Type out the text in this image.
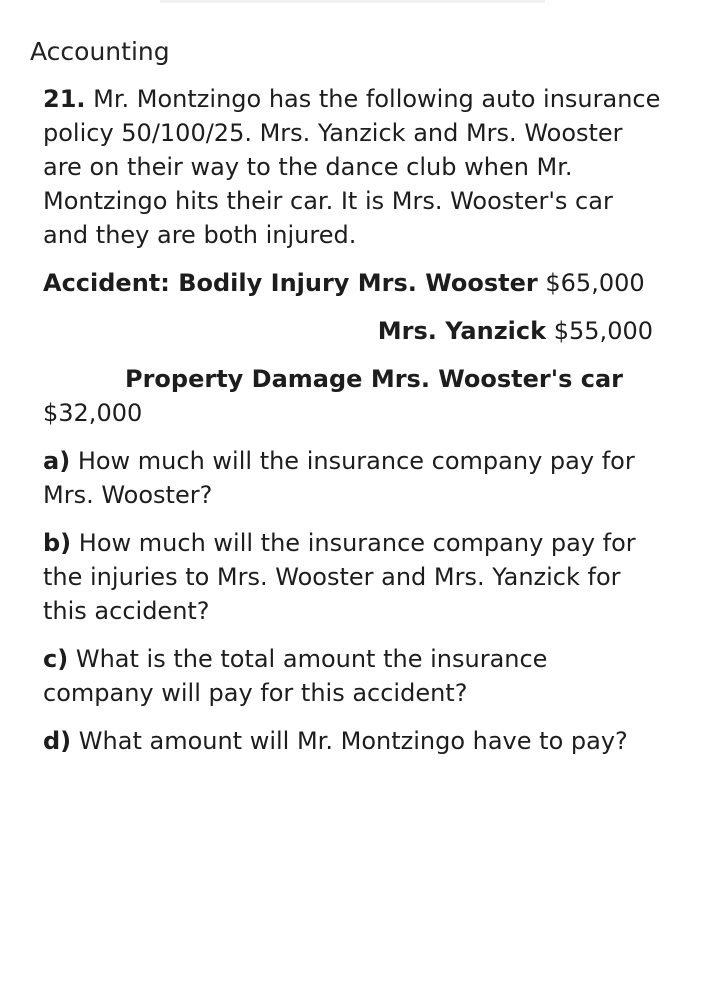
Accounting

21. Mr. Montzingo has the following auto insurance policy 50/100/25. Mrs. Yanzick and Mrs. Wooster are on their way to the dance club when Mr. Montzingo hits their car. It is Mrs. Wooster's car and they are both injured.

Accident: Bodily Injury Mrs. Wooster $65,000

Mrs. Yanzick $55,000

Property Damage Mrs. Wooster's car

$32,000

a) How much will the insurance company pay for Mrs. Wooster?

b) How much will the insurance company pay for the injuries to Mrs. Wooster and Mrs. Yanzick for this accident?

c) What is the total amount the insurance company will pay for this accident?

d) What amount will Mr. Montzingo have to pay?
